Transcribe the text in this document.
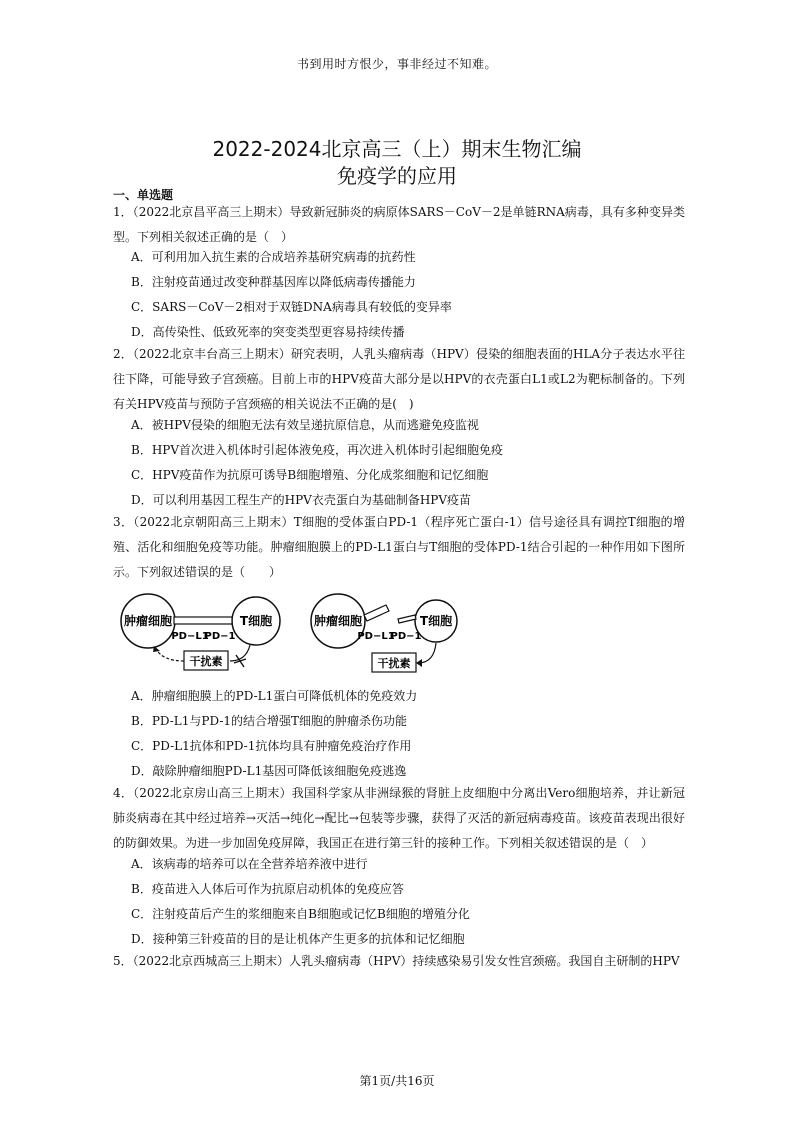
书到用时方恨少，事非经过不知难。
2022-2024北京高三（上）期末生物汇编
免疫学的应用
一、单选题
1．（2022北京昌平高三上期末）导致新冠肺炎的病原体SARS－CoV－2是单链RNA病毒，具有多种变异类型。下列相关叙述正确的是（　）
A．可利用加入抗生素的合成培养基研究病毒的抗药性
B．注射疫苗通过改变种群基因库以降低病毒传播能力
C．SARS－CoV－2相对于双链DNA病毒具有较低的变异率
D．高传染性、低致死率的突变类型更容易持续传播
2．（2022北京丰台高三上期末）研究表明，人乳头瘤病毒（HPV）侵染的细胞表面的HLA分子表达水平往往下降，可能导致子宫颈癌。目前上市的HPV疫苗大部分是以HPV的衣壳蛋白L1或L2为靶标制备的。下列有关HPV疫苗与预防子宫颈癌的相关说法不正确的是(　)
A．被HPV侵染的细胞无法有效呈递抗原信息，从而逃避免疫监视
B．HPV首次进入机体时引起体液免疫，再次进入机体时引起细胞免疫
C．HPV疫苗作为抗原可诱导B细胞增殖、分化成浆细胞和记忆细胞
D．可以利用基因工程生产的HPV衣壳蛋白为基础制备HPV疫苗
3．（2022北京朝阳高三上期末）T细胞的受体蛋白PD-1（程序死亡蛋白-1）信号途径具有调控T细胞的增殖、活化和细胞免疫等功能。肿瘤细胞膜上的PD-L1蛋白与T细胞的受体PD-1结合引起的一种作用如下图所示。下列叙述错误的是（　　）
肿瘤细胞	T细胞
PD−L1
PD−1
干扰素
肿瘤细胞	T细胞
PD−L1
PD−1
干扰素
A．肿瘤细胞膜上的PD-L1蛋白可降低机体的免疫效力
B．PD-L1与PD-1的结合增强T细胞的肿瘤杀伤功能
C．PD-L1抗体和PD-1抗体均具有肿瘤免疫治疗作用
D．敲除肿瘤细胞PD-L1基因可降低该细胞免疫逃逸
4．（2022北京房山高三上期末）我国科学家从非洲绿猴的肾脏上皮细胞中分离出Vero细胞培养，并让新冠肺炎病毒在其中经过培养→灭活→纯化→配比→包装等步骤，获得了灭活的新冠病毒疫苗。该疫苗表现出很好的防御效果。为进一步加固免疫屏障，我国正在进行第三针的接种工作。下列相关叙述错误的是（　）
A．该病毒的培养可以在全营养培养液中进行
B．疫苗进入人体后可作为抗原启动机体的免疫应答
C．注射疫苗后产生的浆细胞来自B细胞或记忆B细胞的增殖分化
D．接种第三针疫苗的目的是让机体产生更多的抗体和记忆细胞
5．（2022北京西城高三上期末）人乳头瘤病毒（HPV）持续感染易引发女性宫颈癌。我国自主研制的HPV
第1页/共16页
